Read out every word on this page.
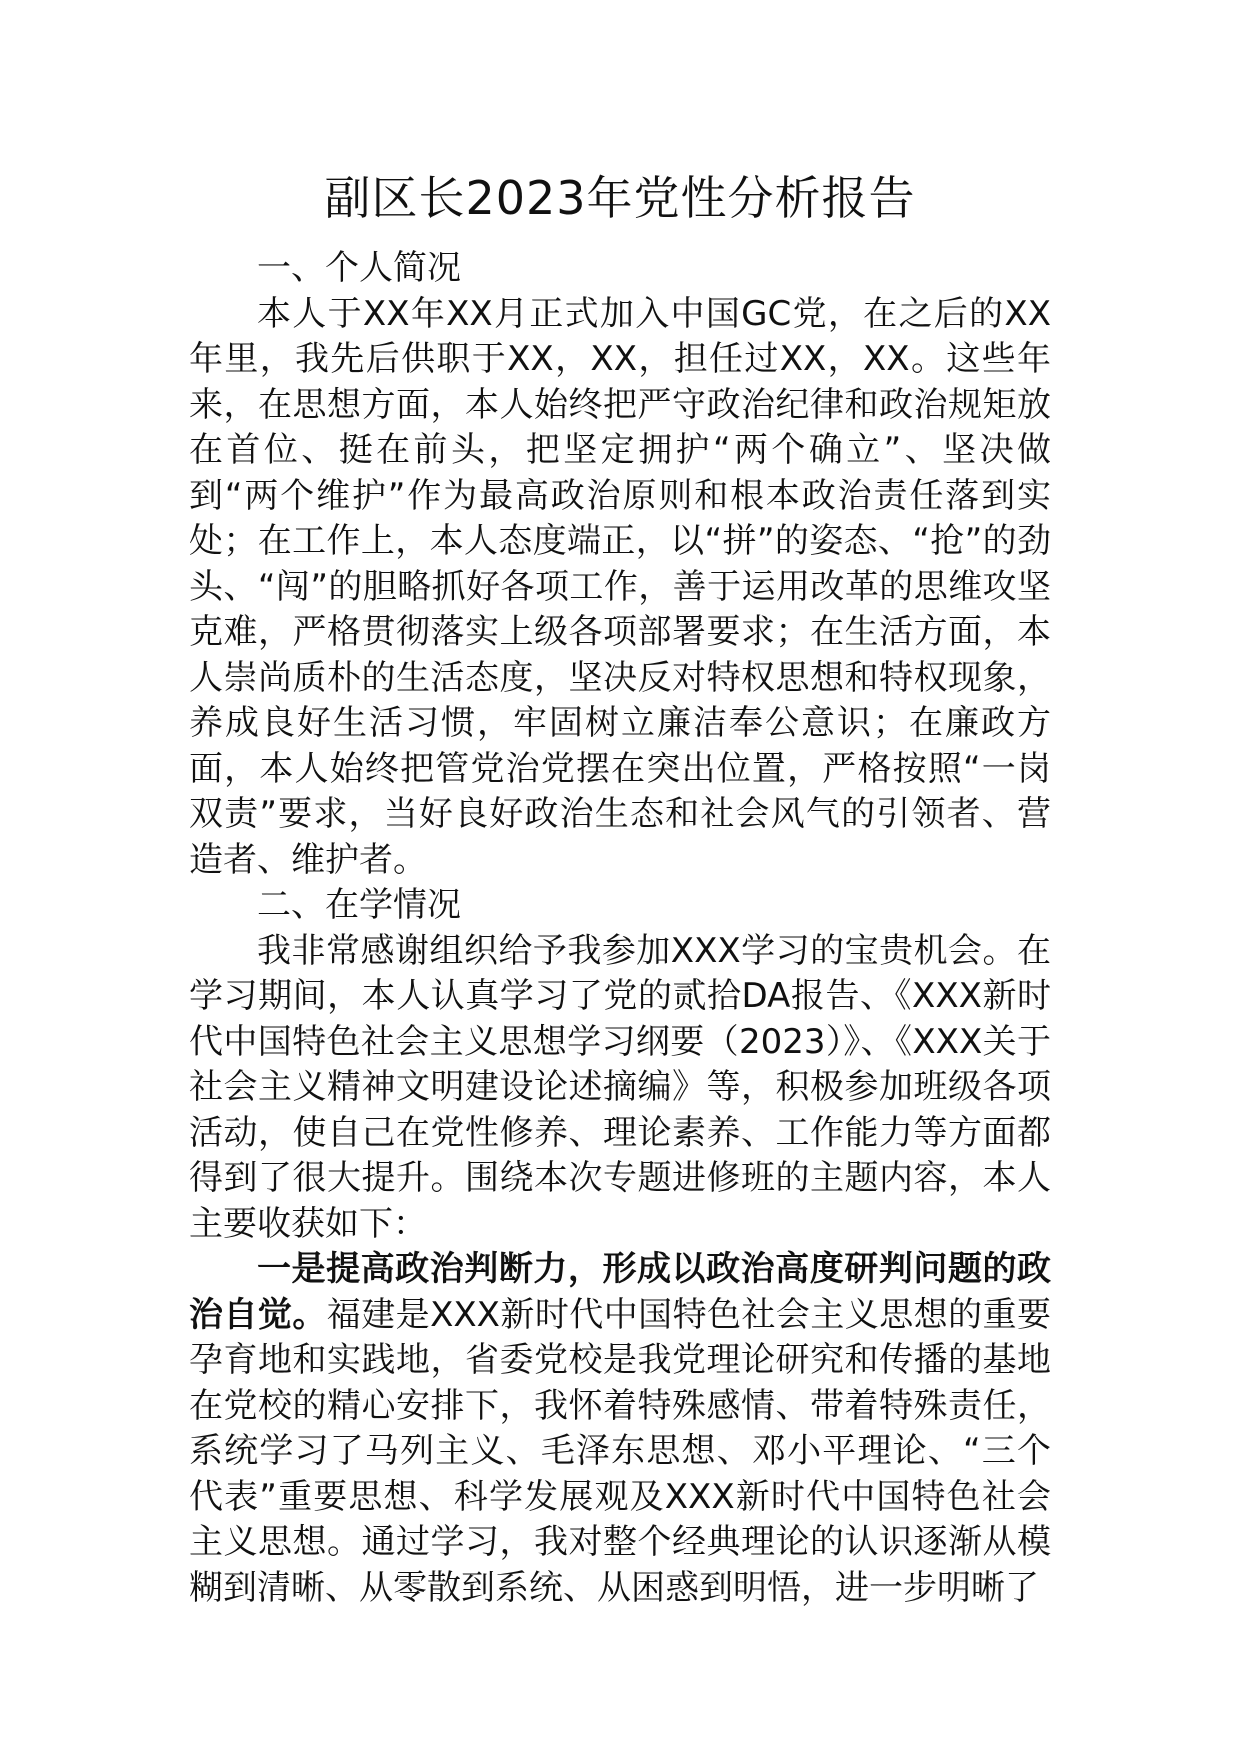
副区长2023年党性分析报告

一、个人简况

本人于XX年XX月正式加入中国GC党，在之后的XX年里，我先后供职于XX，XX，担任过XX，XX。这些年来，在思想方面，本人始终把严守政治纪律和政治规矩放在首位、挺在前头，把坚定拥护“两个确立”、坚决做到“两个维护”作为最高政治原则和根本政治责任落到实处；在工作上，本人态度端正，以“拼”的姿态、“抢”的劲头、“闯”的胆略抓好各项工作，善于运用改革的思维攻坚克难，严格贯彻落实上级各项部署要求；在生活方面，本人崇尚质朴的生活态度，坚决反对特权思想和特权现象，养成良好生活习惯，牢固树立廉洁奉公意识；在廉政方面，本人始终把管党治党摆在突出位置，严格按照“一岗双责”要求，当好良好政治生态和社会风气的引领者、营造者、维护者。

二、在学情况

我非常感谢组织给予我参加XXX学习的宝贵机会。在学习期间，本人认真学习了党的贰拾DA报告、《XXX新时代中国特色社会主义思想学习纲要（2023）》、《XXX关于社会主义精神文明建设论述摘编》等，积极参加班级各项活动，使自己在党性修养、理论素养、工作能力等方面都得到了很大提升。围绕本次专题进修班的主题内容，本人主要收获如下：

一是提高政治判断力，形成以政治高度研判问题的政治自觉。福建是XXX新时代中国特色社会主义思想的重要孕育地和实践地，省委党校是我党理论研究和传播的基地在党校的精心安排下，我怀着特殊感情、带着特殊责任，系统学习了马列主义、毛泽东思想、邓小平理论、“三个代表”重要思想、科学发展观及XXX新时代中国特色社会主义思想。通过学习，我对整个经典理论的认识逐渐从模糊到清晰、从零散到系统、从困惑到明悟，进一步明晰了
